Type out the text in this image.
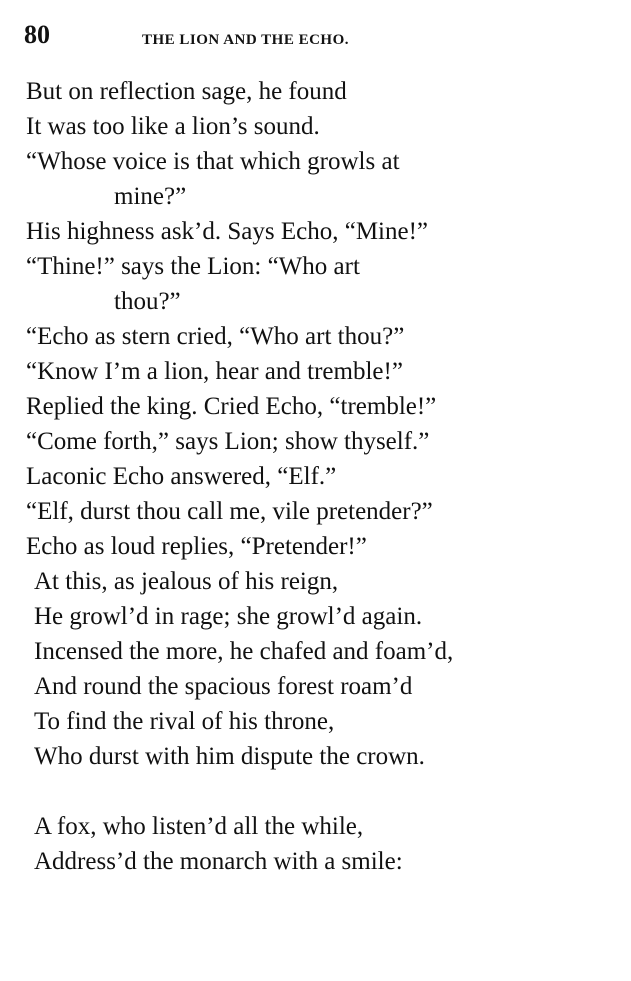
80	THE LION AND THE ECHO.
But on reflection sage, he found
It was too like a lion’s sound.
“Whose voice is that which growls at
mine?”
His highness ask’d. Says Echo, “Mine!”
“Thine!” says the Lion: “Who art
thou?”
“Echo as stern cried, “Who art thou?”
“Know I’m a lion, hear and tremble!”
Replied the king. Cried Echo, “tremble!”
“Come forth,” says Lion; show thyself.”
Laconic Echo answered, “Elf.”
“Elf, durst thou call me, vile pretender?”
Echo as loud replies, “Pretender!”
At this, as jealous of his reign,
He growl’d in rage; she growl’d again.
Incensed the more, he chafed and foam’d,
And round the spacious forest roam’d
To find the rival of his throne,
Who durst with him dispute the crown.
A fox, who listen’d all the while,
Address’d the monarch with a smile:
